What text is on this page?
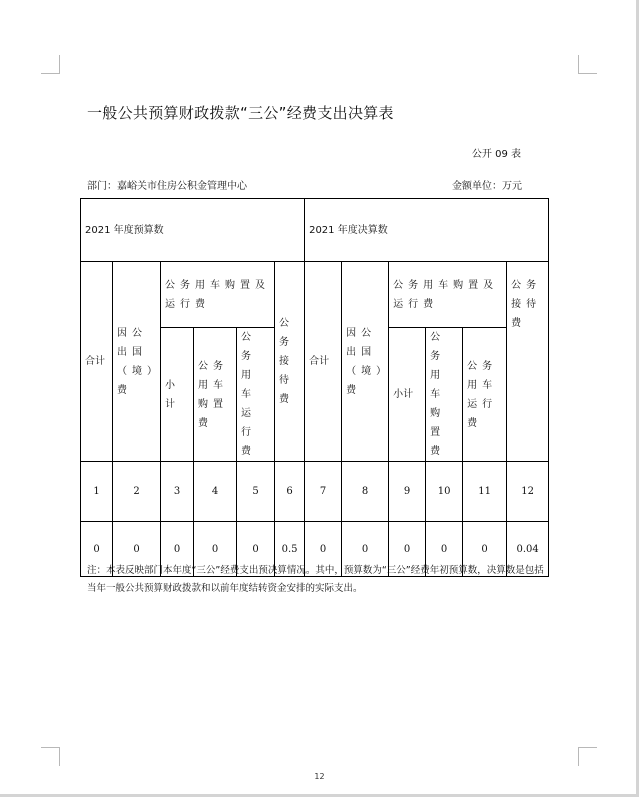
一般公共预算财政拨款“三公”经费支出决算表
公开 09 表
部门：嘉峪关市住房公积金管理中心	金额单位：万元
2021 年度预算数						2021 年度决算数					
合计	因公出国（境）费	公务用车购置及运行费			公务接待费	合计	因公出国（境）费	公务用车购置及运行费			公务接待费
		小计	公务用车购置费	公务用车运行费				小计	公务用车购置费	公务用车运行费	
1	2	3	4	5	6	7	8	9	10	11	12
0	0	0	0	0	0.5	0	0	0	0	0	0.04
注：本表反映部门本年度“三公”经费支出预决算情况。其中，预算数为“三公”经费年初预算数，决算数是包括当年一般公共预算财政拨款和以前年度结转资金安排的实际支出。
12
